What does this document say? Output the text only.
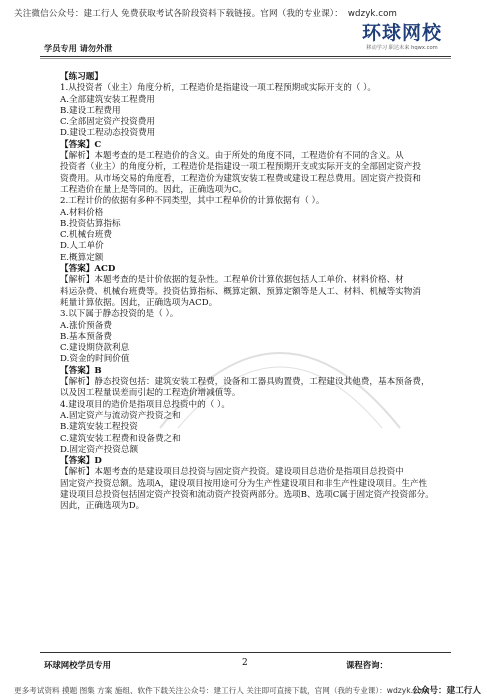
关注微信公众号：建工行人 免费获取考试各阶段资料下载链接。官网（我的专业课）： wdzyk.com
学员专用 请勿外泄
环球网校
移动学习 职达未来 hqwx.com

【练习题】

1.从投资者（业主）角度分析，工程造价是指建设一项工程预期或实际开支的（ ）。

A.全部建筑安装工程费用

B.建设工程费用

C.全部固定资产投资费用

D.建设工程动态投资费用

【答案】C

【解析】本题考查的是工程造价的含义。由于所处的角度不同，工程造价有不同的含义。从

投资者（业主）的角度分析，工程造价是指建设一项工程预期开支或实际开支的全部固定资产投

资费用。从市场交易的角度看，工程造价为建筑安装工程费或建设工程总费用。固定资产投资和

工程造价在量上是等同的。因此，正确选项为C。

2.工程计价的依据有多种不同类型，其中工程单价的计算依据有（ ）。

A.材料价格

B.投资估算指标

C.机械台班费

D.人工单价

E.概算定额

【答案】ACD

【解析】本题考查的是计价依据的复杂性。工程单价计算依据包括人工单价、材料价格、材

料运杂费、机械台班费等。投资估算指标、概算定额、预算定额等是人工、材料、机械等实物消

耗量计算依据。因此，正确选项为ACD。

3.以下属于静态投资的是（ ）。

A.涨价预备费

B.基本预备费

C.建设期贷款利息

D.资金的时间价值

【答案】B

【解析】静态投资包括：建筑安装工程费，设备和工器具购置费，工程建设其他费，基本预备费，

以及因工程量误差而引起的工程造价增减值等。

4.建设项目的造价是指项目总投资中的（ ）。

A.固定资产与流动资产投资之和

B.建筑安装工程投资

C.建筑安装工程费和设备费之和

D.固定资产投资总额

【答案】D

【解析】本题考查的是建设项目总投资与固定资产投资。建设项目总造价是指项目总投资中

固定资产投资总额。选项A，建设项目按用途可分为生产性建设项目和非生产性建设项目。生产性

建设项目总投资包括固定资产投资和流动资产投资两部分。选项B、选项C属于固定资产投资部分。

因此，正确选项为D。

环球网校学员专用	2	课程咨询：
更多考试资料 摸题 图集 方案 施组、软件下载关注公众号：建工行人 关注即可直接下载，官网（我的专业课）：wdzyk.com
公众号：建工行人
